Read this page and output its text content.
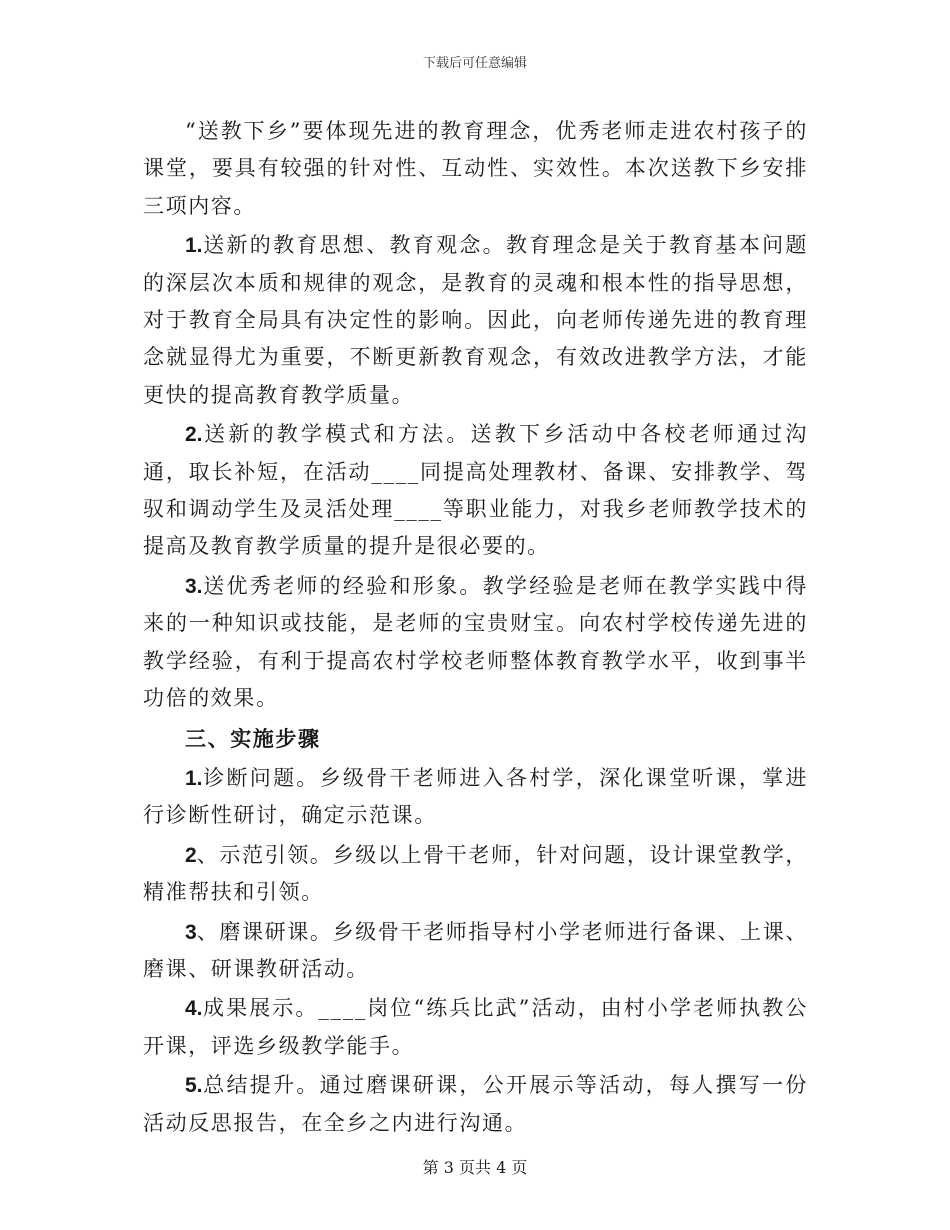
下载后可任意编辑

“送教下乡”要体现先进的教育理念，优秀老师走进农村孩子的课堂，要具有较强的针对性、互动性、实效性。本次送教下乡安排三项内容。

1.送新的教育思想、教育观念。教育理念是关于教育基本问题的深层次本质和规律的观念，是教育的灵魂和根本性的指导思想，对于教育全局具有决定性的影响。因此，向老师传递先进的教育理念就显得尤为重要，不断更新教育观念，有效改进教学方法，才能更快的提高教育教学质量。

2.送新的教学模式和方法。送教下乡活动中各校老师通过沟通，取长补短，在活动____同提高处理教材、备课、安排教学、驾驭和调动学生及灵活处理____等职业能力，对我乡老师教学技术的提高及教育教学质量的提升是很必要的。

3.送优秀老师的经验和形象。教学经验是老师在教学实践中得来的一种知识或技能，是老师的宝贵财宝。向农村学校传递先进的教学经验，有利于提高农村学校老师整体教育教学水平，收到事半功倍的效果。

三、实施步骤

1.诊断问题。乡级骨干老师进入各村学，深化课堂听课，掌进行诊断性研讨，确定示范课。

2、示范引领。乡级以上骨干老师，针对问题，设计课堂教学，精准帮扶和引领。

3、磨课研课。乡级骨干老师指导村小学老师进行备课、上课、磨课、研课教研活动。

4.成果展示。____岗位“练兵比武”活动，由村小学老师执教公开课，评选乡级教学能手。

5.总结提升。通过磨课研课，公开展示等活动，每人撰写一份活动反思报告，在全乡之内进行沟通。

第 3 页共 4 页
